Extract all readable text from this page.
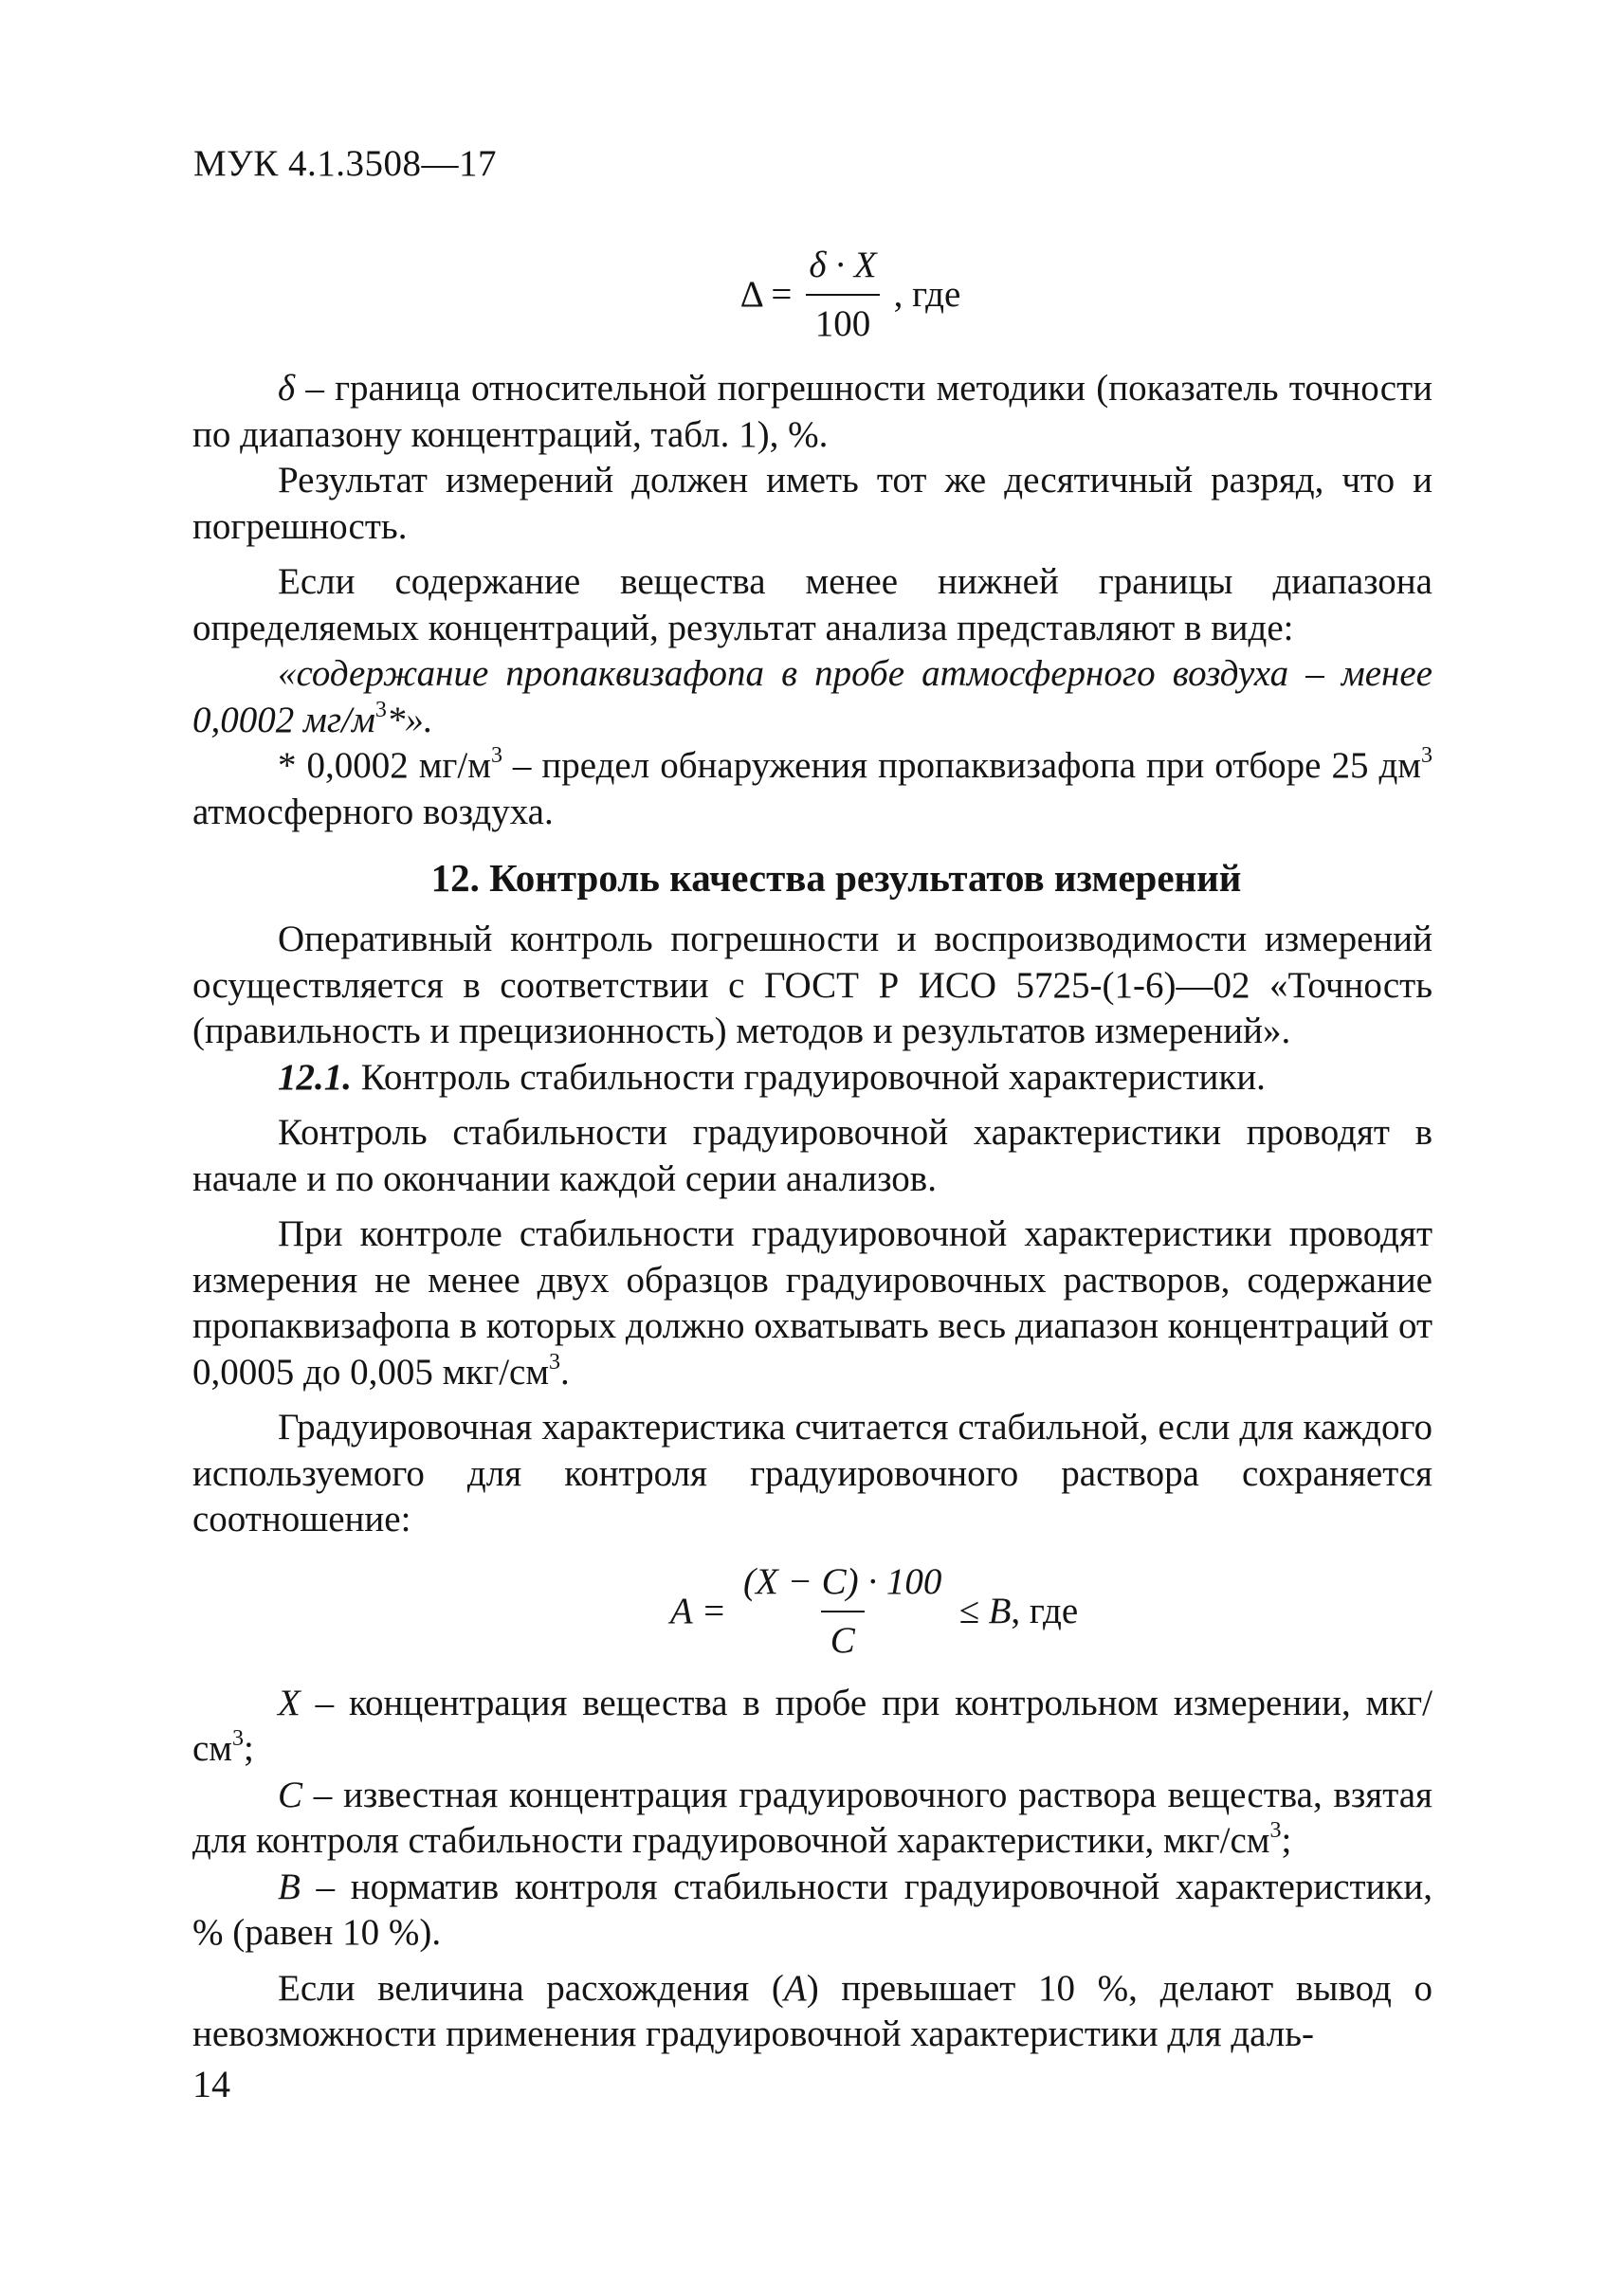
МУК 4.1.3508—17
$\Delta = \frac{\delta \cdot X}{100}$ , где

δ – граница относительной погрешности методики (показатель точности по диапазону концентраций, табл. 1), %.

Результат измерений должен иметь тот же десятичный разряд, что и погрешность.

Если содержание вещества менее нижней границы диапазона определяемых концентраций, результат анализа представляют в виде:

«содержание пропаквизафопа в пробе атмосферного воздуха – менее 0,0002 $мг/м^3*$».

* 0,0002 $мг/м^3$ – предел обнаружения пропаквизафопа при отборе 25 $дм^3$ атмосферного воздуха.

12. Контроль качества результатов измерений

Оперативный контроль погрешности и воспроизводимости измерений осуществляется в соответствии с ГОСТ Р ИСО 5725-(1-6)—02 «Точность (правильность и прецизионность) методов и результатов измерений».

12.1. Контроль стабильности градуировочной характеристики.

Контроль стабильности градуировочной характеристики проводят в начале и по окончании каждой серии анализов.

При контроле стабильности градуировочной характеристики проводят измерения не менее двух образцов градуировочных растворов, содержание пропаквизафопа в которых должно охватывать весь диапазон концентраций от 0,0005 до 0,005 мкг/$см^3$.

Градуировочная характеристика считается стабильной, если для каждого используемого для контроля градуировочного раствора сохраняется соотношение:

$A = \frac{(X - C) \cdot 100}{C} \le B$ , где

X – концентрация вещества в пробе при контрольном измерении, мкг/$см^3$;

C – известная концентрация градуировочного раствора вещества, взятая для контроля стабильности градуировочной характеристики, мкг/$см^3$;

B – норматив контроля стабильности градуировочной характеристики, % (равен 10 %).

Если величина расхождения (A) превышает 10 %, делают вывод о невозможности применения градуировочной характеристики для даль-

14
